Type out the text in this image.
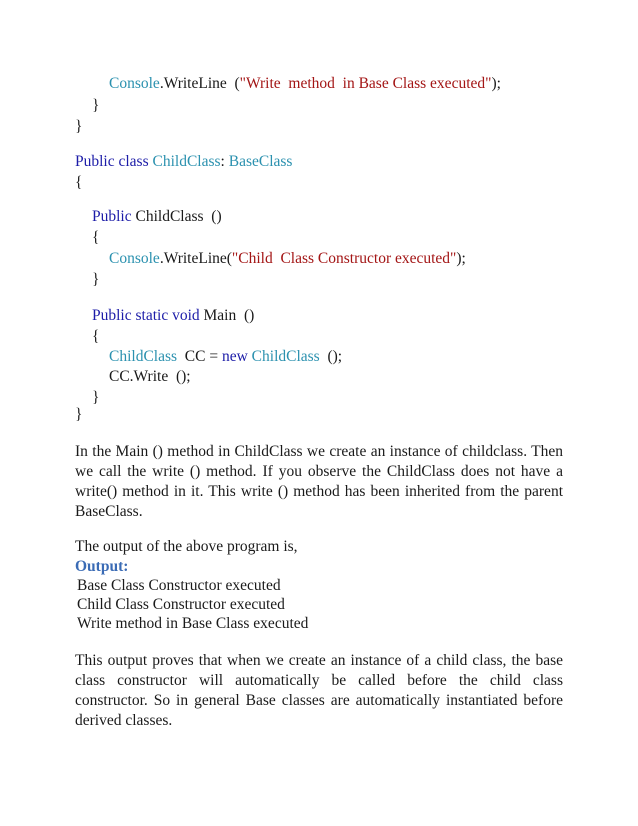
Console.WriteLine  ("Write  method  in Base Class executed");
}
}
Public class ChildClass: BaseClass
{
Public ChildClass  ()
{
Console.WriteLine("Child  Class Constructor executed");
}
Public static void Main  ()
{
ChildClass  CC = new ChildClass  ();
CC.Write  ();
}
}

In the Main () method in ChildClass we create an instance of childclass. Then we call the write () method. If you observe the ChildClass does not have a write() method in it. This write () method has been inherited from the parent BaseClass.

The output of the above program is,

Output:
Base Class Constructor executed
Child Class Constructor executed
Write method in Base Class executed

This output proves that when we create an instance of a child class, the base class constructor will automatically be called before the child class constructor. So in general Base classes are automatically instantiated before derived classes.
